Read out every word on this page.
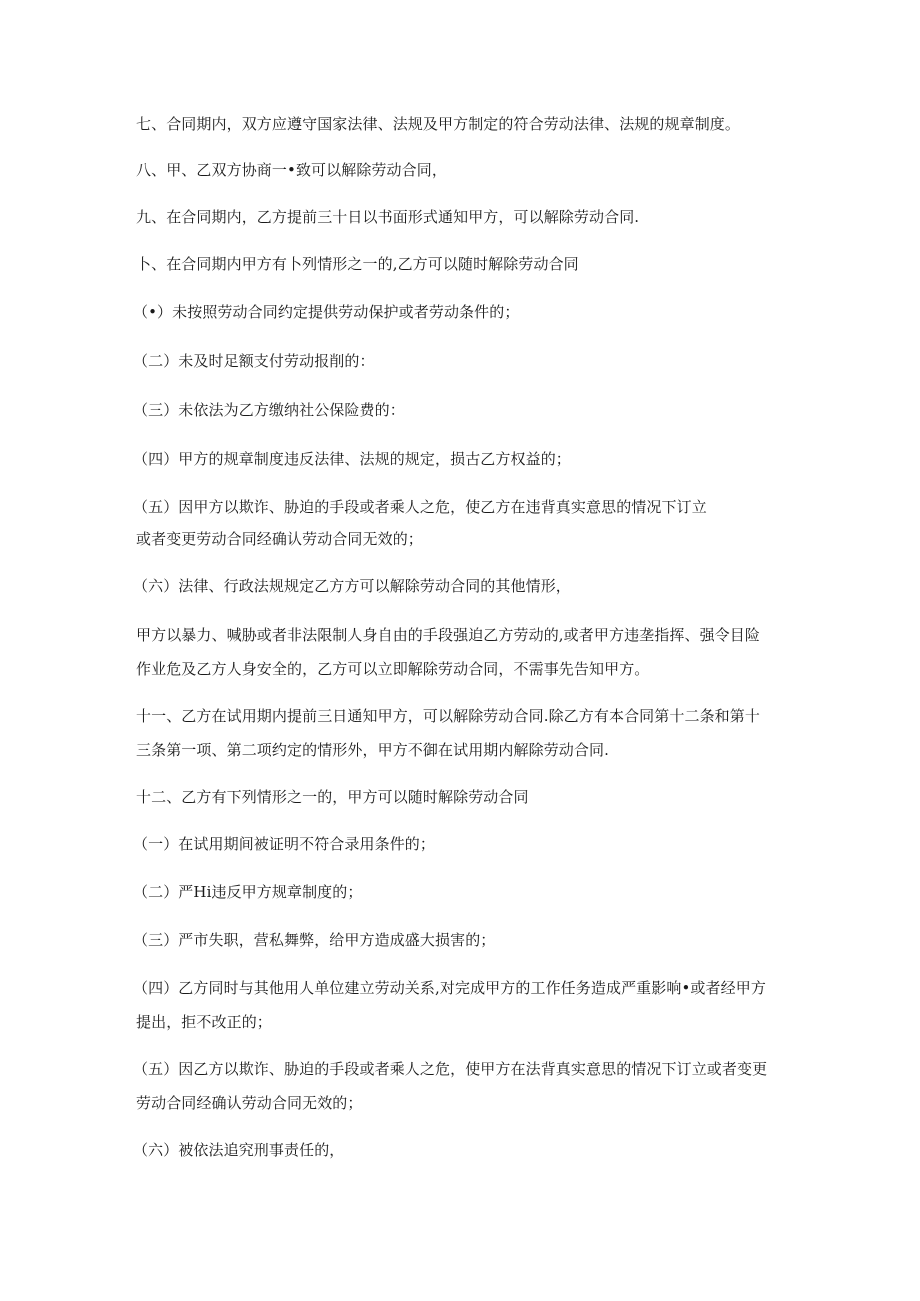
七、合同期内，双方应遵守国家法律、法规及甲方制定的符合劳动法律、法规的规章制度。
八、甲、乙双方协商一•致可以解除劳动合同，
九、在合同期内，乙方提前三十日以书面形式通知甲方，可以解除劳动合同.
卜、在合同期内甲方有卜列情形之一的,乙方可以随时解除劳动合同
（•）未按照劳动合同约定提供劳动保护或者劳动条件的；
（二）未及时足额支付劳动报削的：
（三）未依法为乙方缴纳社公保险费的：
（四）甲方的规章制度违反法律、法规的规定，损古乙方权益的；
（五）因甲方以欺诈、胁迫的手段或者乘人之危，使乙方在违背真实意思的情况下订立
或者变更劳动合同经确认劳动合同无效的；
（六）法律、行政法规规定乙方方可以解除劳动合同的其他情形，
甲方以暴力、喊胁或者非法限制人身自由的手段强迫乙方劳动的,或者甲方违垄指挥、强令目险
作业危及乙方人身安全的，乙方可以立即解除劳动合同，不需事先告知甲方。
十一、乙方在试用期内提前三日通知甲方，可以解除劳动合同.除乙方有本合同第十二条和第十
三条第一项、第二项约定的情形外，甲方不御在试用期内解除劳动合同.
十二、乙方有下列情形之一的，甲方可以随时解除劳动合同
（一）在试用期间被证明不符合录用条件的；
（二）严Hi违反甲方规章制度的；
（三）严市失职，营私舞弊，给甲方造成盛大损害的；
（四）乙方同时与其他用人单位建立劳动关系,对完成甲方的工作任务造成严重影响•或者经甲方
提出，拒不改正的；
（五）因乙方以欺诈、胁迫的手段或者乘人之危，使甲方在法背真实意思的情况下订立或者变更
劳动合同经确认劳动合同无效的；
（六）被依法追究刑事责任的，
